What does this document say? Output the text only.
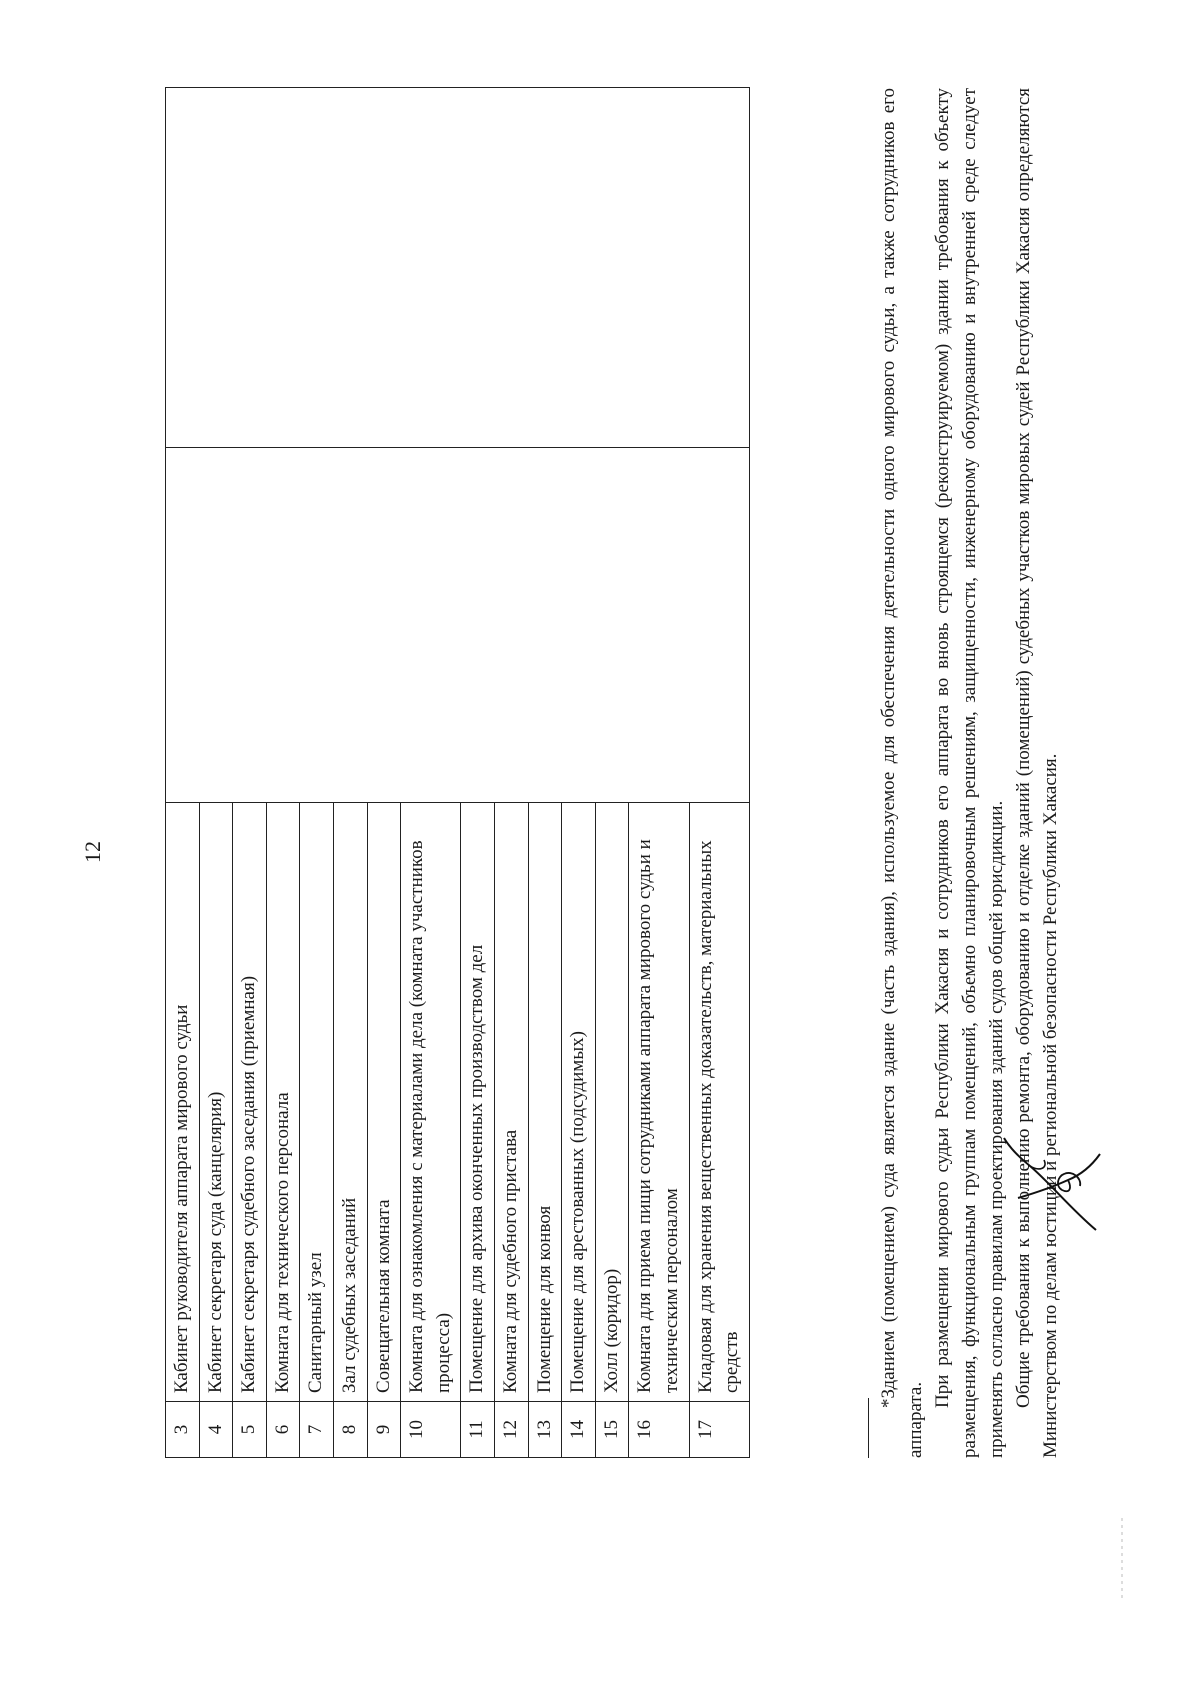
12
3	Кабинет руководителя аппарата мирового судьи		
4	Кабинет секретаря суда (канцелярия)		
5	Кабинет секретаря судебного заседания (приемная)		
6	Комната для технического персонала		
7	Санитарный узел		
8	Зал судебных заседаний		
9	Совещательная комната		
10	Комната для ознакомления с материалами дела (комната участников процесса)		
11	Помещение для архива оконченных производством дел		
12	Комната для судебного пристава		
13	Помещение для конвоя		
14	Помещение для арестованных (подсудимых)		
15	Холл (коридор)		
16	Комната для приема пищи сотрудниками аппарата мирового судьи и техническим персоналом		
17	Кладовая для хранения вещественных доказательств, материальных средств			*Зданием (помещением) суда является здание (часть здания), используемое для обеспечения деятельности одного мирового судьи, а также сотрудников его аппарата.

При размещении мирового судьи Республики Хакасия и сотрудников его аппарата во вновь строящемся (реконструируемом) здании требования к объекту размещения, функциональным группам помещений, объемно планировочным решениям, защищенности, инженерному оборудованию и внутренней среде следует применять согласно правилам проектирования зданий судов общей юрисдикции. Общие требования к выполнению ремонта, оборудованию и отделке зданий (помещений) судебных участков мировых судей Республики Хакасия определяются Министерством по делам юстиции и региональной безопасности Республики Хакасия.
